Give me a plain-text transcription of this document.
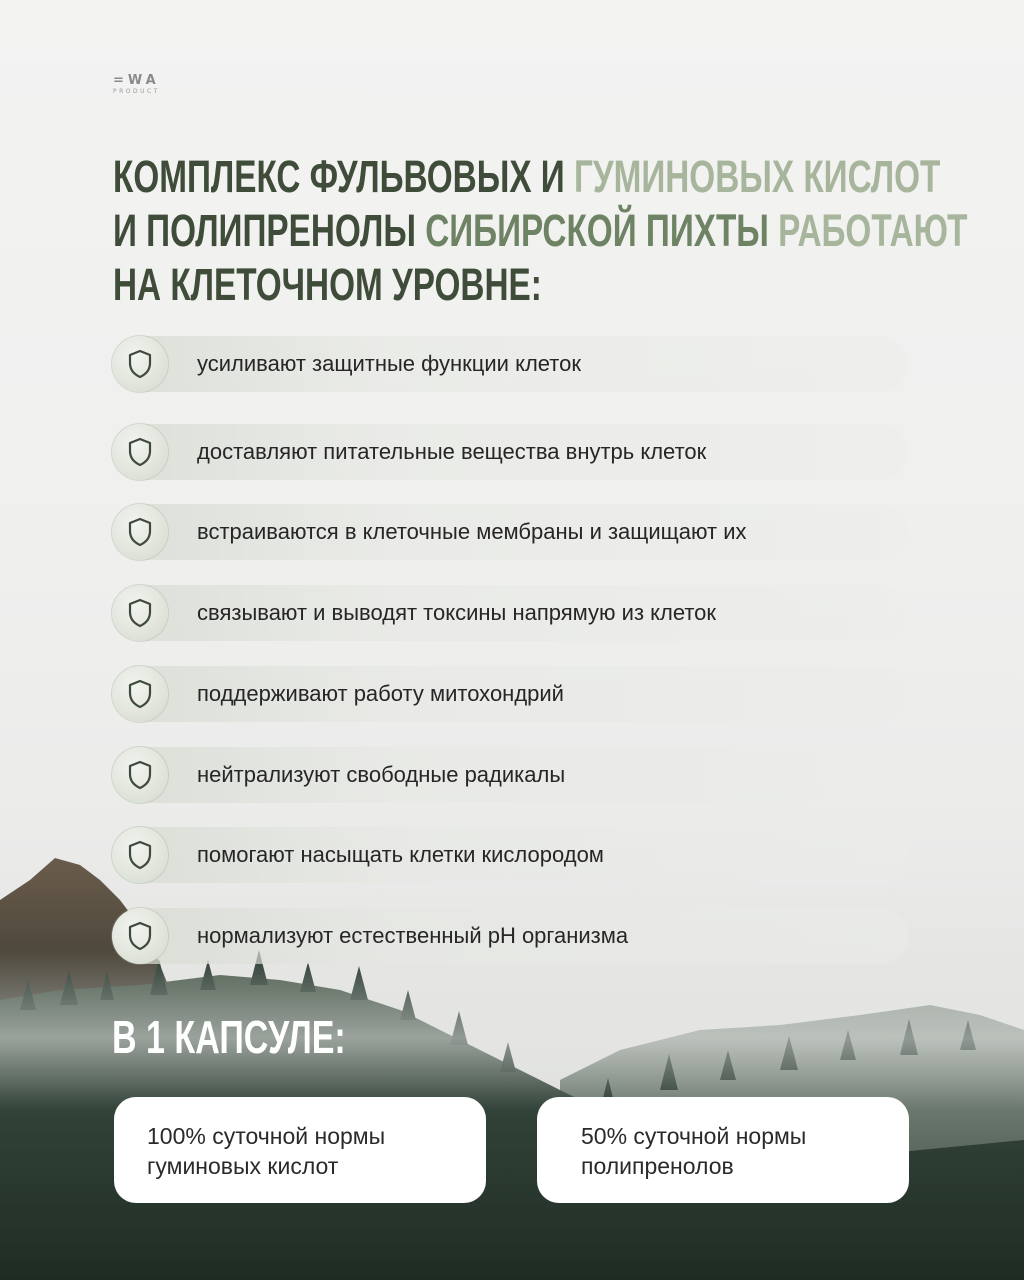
=WA
PRODUCT
КОМПЛЕКС ФУЛЬВОВЫХ И ГУМИНОВЫХ КИСЛОТ
И ПОЛИПРЕНОЛЫ СИБИРСКОЙ ПИХТЫ РАБОТАЮТ
НА КЛЕТОЧНОМ УРОВНЕ:
усиливают защитные функции клеток
доставляют питательные вещества внутрь клеток
встраиваются в клеточные мембраны и защищают их
связывают и выводят токсины напрямую из клеток
поддерживают работу митохондрий
нейтрализуют свободные радикалы
помогают насыщать клетки кислородом
нормализуют естественный pH организма
В 1 КАПСУЛЕ:
100% суточной нормы
гуминовых кислот
50% суточной нормы
полипренолов
